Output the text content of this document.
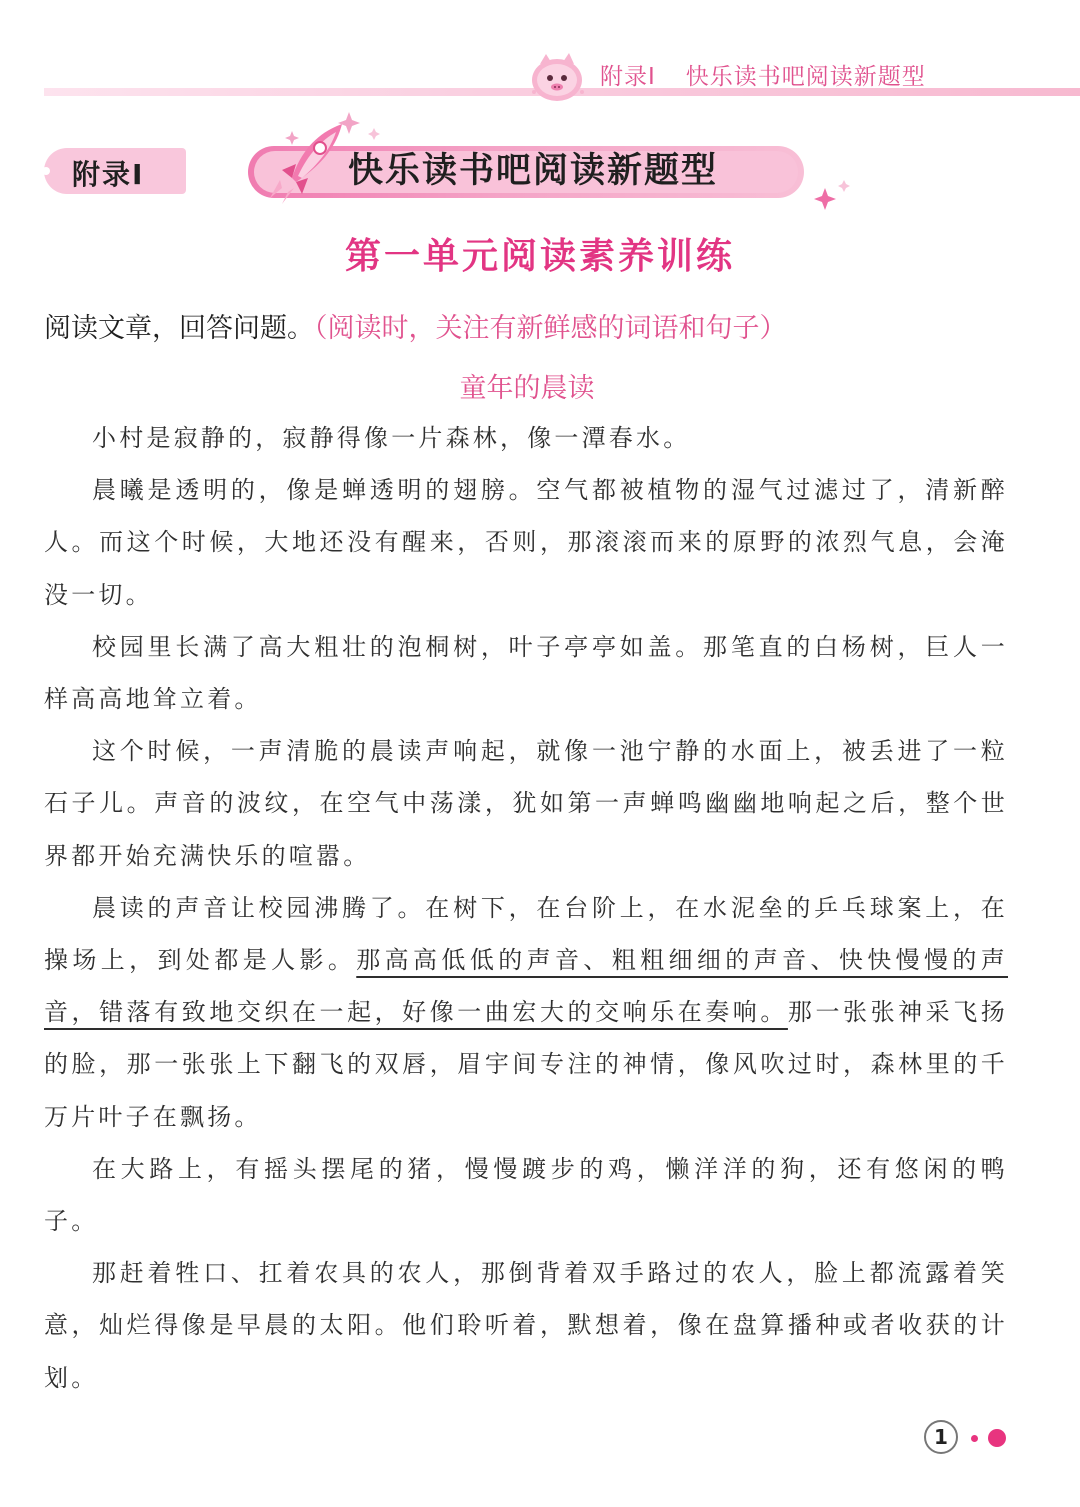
附录Ⅰ 快乐读书吧阅读新题型
附录Ⅰ	快乐读书吧阅读新题型
第一单元阅读素养训练
阅读文章，回答问题。（阅读时，关注有新鲜感的词语和句子）
童年的晨读

小村是寂静的，寂静得像一片森林，像一潭春水。

晨曦是透明的，像是蝉透明的翅膀。空气都被植物的湿气过滤过了，清新醉人。而这个时候，大地还没有醒来，否则，那滚滚而来的原野的浓烈气息，会淹没一切。

校园里长满了高大粗壮的泡桐树，叶子亭亭如盖。那笔直的白杨树，巨人一样高高地耸立着。

这个时候，一声清脆的晨读声响起，就像一池宁静的水面上，被丢进了一粒石子儿。声音的波纹，在空气中荡漾，犹如第一声蝉鸣幽幽地响起之后，整个世界都开始充满快乐的喧嚣。

晨读的声音让校园沸腾了。在树下，在台阶上，在水泥垒的乒乓球案上，在操场上，到处都是人影。那高高低低的声音、粗粗细细的声音、快快慢慢的声音，错落有致地交织在一起，好像一曲宏大的交响乐在奏响。那一张张神采飞扬的脸，那一张张上下翻飞的双唇，眉宇间专注的神情，像风吹过时，森林里的千万片叶子在飘扬。

在大路上，有摇头摆尾的猪，慢慢踱步的鸡，懒洋洋的狗，还有悠闲的鸭子。

那赶着牲口、扛着农具的农人，那倒背着双手路过的农人，脸上都流露着笑意，灿烂得像是早晨的太阳。他们聆听着，默想着，像在盘算播种或者收获的计划。

1
